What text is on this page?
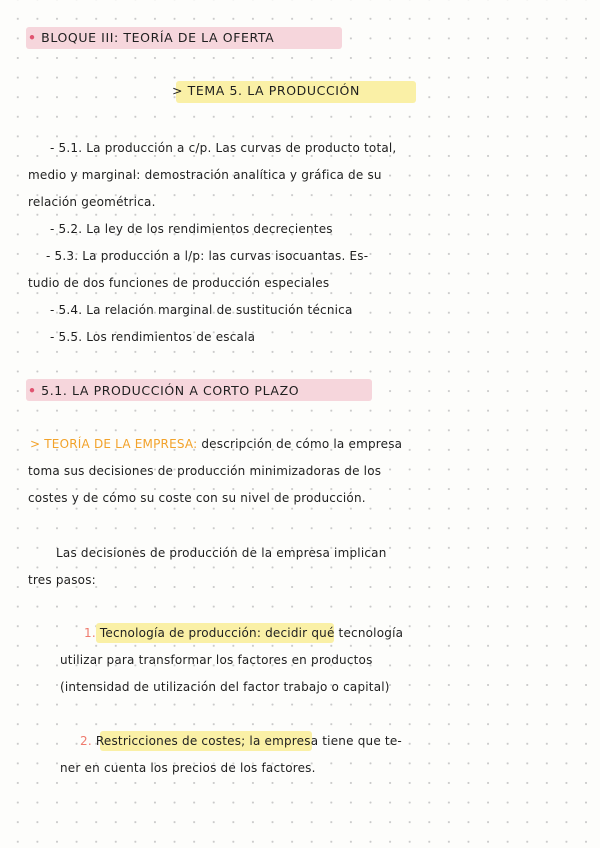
• BLOQUE III: TEORÍA DE LA OFERTA
> TEMA 5. LA PRODUCCIÓN
- 5.1. La producción a c/p. Las curvas de producto total,
medio y marginal: demostración analítica y gráfica de su
relación geométrica.
- 5.2. La ley de los rendimientos decrecientes
- 5.3. La producción a l/p: las curvas isocuantas. Es-
tudio de dos funciones de producción especiales
- 5.4. La relación marginal de sustitución técnica
- 5.5. Los rendimientos de escala
• 5.1. LA PRODUCCIÓN A CORTO PLAZO
> TEORÍA DE LA EMPRESA: descripción de cómo la empresa
toma sus decisiones de producción minimizadoras de los
costes y de cómo su coste con su nivel de producción.
Las decisiones de producción de la empresa implican
tres pasos:
1. Tecnología de producción: decidir qué tecnología
utilizar para transformar los factores en productos
(intensidad de utilización del factor trabajo o capital)
2. Restricciones de costes; la empresa tiene que te-
ner en cuenta los precios de los factores.
